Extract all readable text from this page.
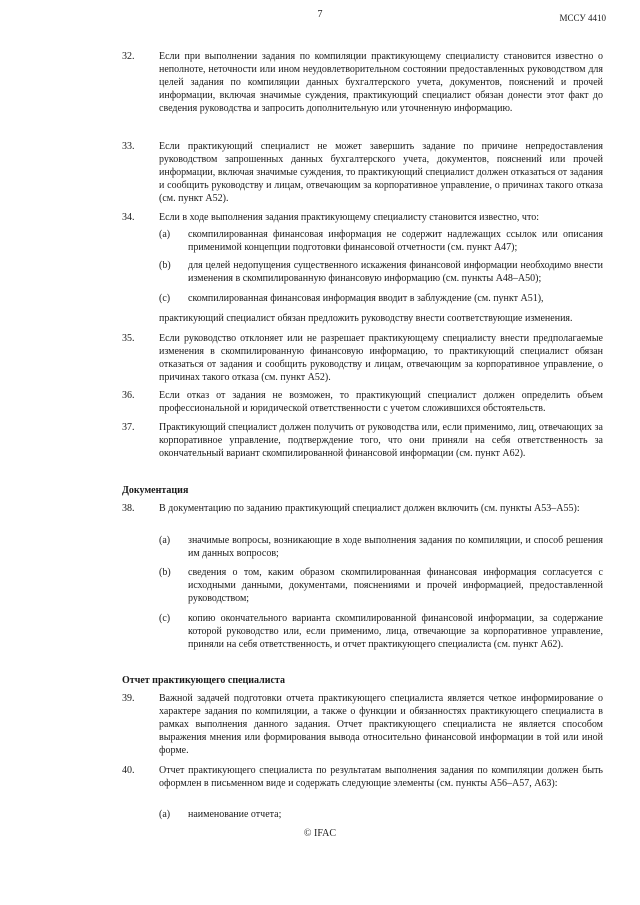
7	МССУ 4410
32. Если при выполнении задания по компиляции практикующему специалисту становится известно о неполноте, неточности или ином неудовлетворительном состоянии предоставленных руководством для целей задания по компиляции данных бухгалтерского учета, документов, пояснений и прочей информации, включая значимые суждения, практикующий специалист обязан донести этот факт до сведения руководства и запросить дополнительную или уточненную информацию.
33. Если практикующий специалист не может завершить задание по причине непредоставления руководством запрошенных данных бухгалтерского учета, документов, пояснений или прочей информации, включая значимые суждения, то практикующий специалист должен отказаться от задания и сообщить руководству и лицам, отвечающим за корпоративное управление, о причинах такого отказа (см. пункт А52).
34. Если в ходе выполнения задания практикующему специалисту становится известно, что:
(a) скомпилированная финансовая информация не содержит надлежащих ссылок или описания применимой концепции подготовки финансовой отчетности (см. пункт А47);
(b) для целей недопущения существенного искажения финансовой информации необходимо внести изменения в скомпилированную финансовую информацию (см. пункты А48–А50);
(c) скомпилированная финансовая информация вводит в заблуждение (см. пункт А51),
практикующий специалист обязан предложить руководству внести соответствующие изменения.
35. Если руководство отклоняет или не разрешает практикующему специалисту внести предполагаемые изменения в скомпилированную финансовую информацию, то практикующий специалист обязан отказаться от задания и сообщить руководству и лицам, отвечающим за корпоративное управление, о причинах такого отказа (см. пункт А52).
36. Если отказ от задания не возможен, то практикующий специалист должен определить объем профессиональной и юридической ответственности с учетом сложившихся обстоятельств.
37. Практикующий специалист должен получить от руководства или, если применимо, лиц, отвечающих за корпоративное управление, подтверждение того, что они приняли на себя ответственность за окончательный вариант скомпилированной финансовой информации (см. пункт А62).
Документация
38. В документацию по заданию практикующий специалист должен включить (см. пункты А53–А55):
(a) значимые вопросы, возникающие в ходе выполнения задания по компиляции, и способ решения им данных вопросов;
(b) сведения о том, каким образом скомпилированная финансовая информация согласуется с исходными данными, документами, пояснениями и прочей информацией, предоставленной руководством;
(c) копию окончательного варианта скомпилированной финансовой информации, за содержание которой руководство или, если применимо, лица, отвечающие за корпоративное управление, приняли на себя ответственность, и отчет практикующего специалиста (см. пункт А62).
Отчет практикующего специалиста
39. Важной задачей подготовки отчета практикующего специалиста является четкое информирование о характере задания по компиляции, а также о функции и обязанностях практикующего специалиста в рамках выполнения данного задания. Отчет практикующего специалиста не является способом выражения мнения или формирования вывода относительно финансовой информации в той или иной форме.
40. Отчет практикующего специалиста по результатам выполнения задания по компиляции должен быть оформлен в письменном виде и содержать следующие элементы (см. пункты А56–А57, А63):
(a) наименование отчета;
© IFAC
